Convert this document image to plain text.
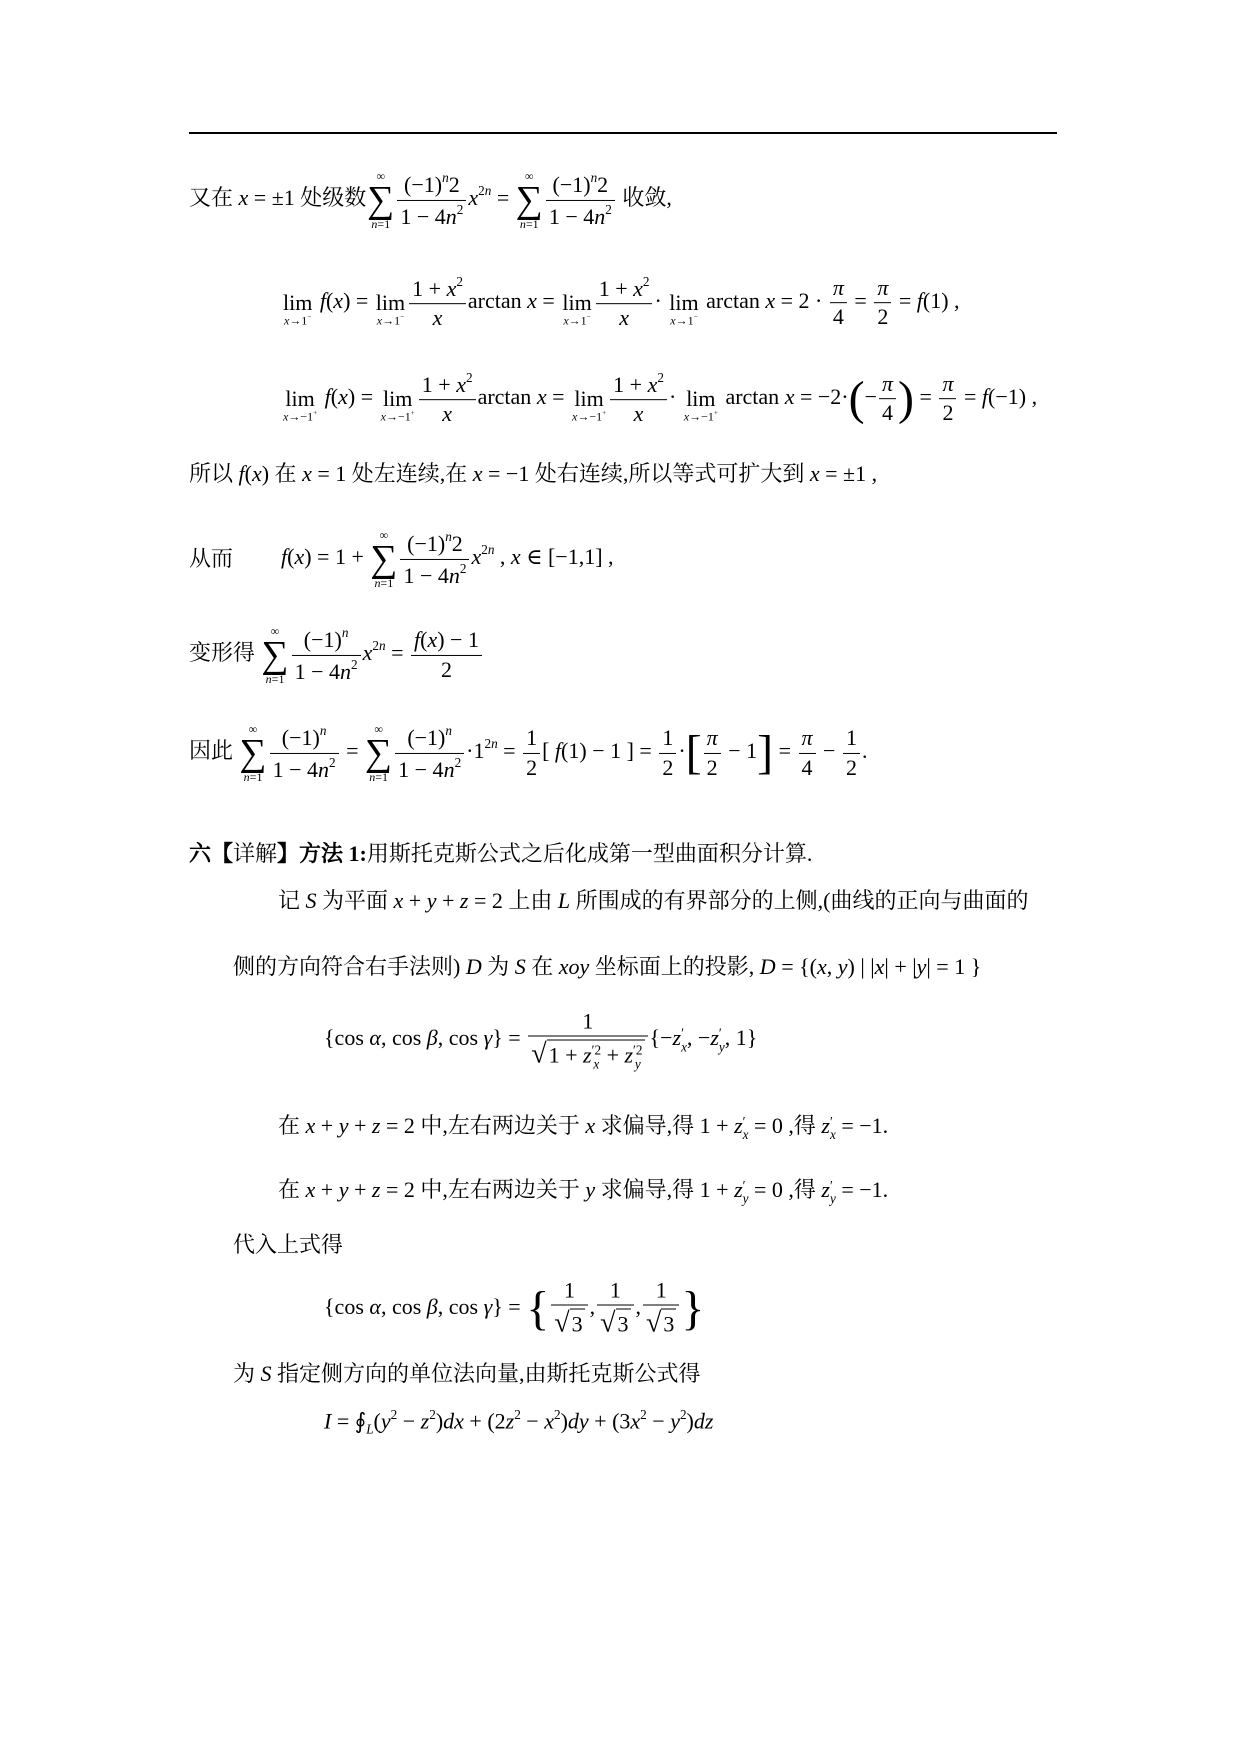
又在 x = ±1 处级数
∞
∑
$n=1 \frac{(-1)^n2}{1 - 4n^2} x^{2n}$ =
∞
∑
$n=1 \frac{(-1)^n2}{1 - 4n^2}$ 收敛,
lim
x→1−
f(x) = lim
$x\to 1^- \frac{1 + x^2}{x}$ arctan x = lim
$x\to 1^- \frac{1 + x^2}{x} \cdot \lim$
x→1−
$\arctan x = 2 \cdot \frac{\pi}{4} = \frac{\pi}{2} = f(1)$ ,
lim
x→−1+
f(x) = lim
$x\to-1^+ \frac{1 + x^2}{x}$ arctan x = lim
$x\to-1^+ \frac{1 + x^2}{x} \cdot \lim$
x→−1+
$\arctan x = -2\cdot(- \frac{\pi}{4}$ ) = $\frac{\pi}{2} = f(-1)$ ,
所以 f(x) 在 x = 1 处左连续,在 x = −1 处右连续,所以等式可扩大到 x = ±1 ,
从而 f(x) = 1 +
∞
∑
$n=1 \frac{(-1)^n2}{1 - 4n^2} x^{2n}$ , x ∈ [−1,1] ,
变形得
∞
∑
$n=1 \frac{(-1)^n}{1 - 4n^2} x^{2n} = \frac{f(x) - 1}{2}$
因此
∞
∑
$n=1 \frac{(-1)^n}{1 - 4n^2}$ =
∞
∑
$n=1 \frac{(-1)^n}{1 - 4n^2} \cdot 1^{2n} = \frac{1}{2}$ [ f(1) − 1 ] = $\frac{1}{2}$ ·[ $\frac{\pi}{2} - 1] = \frac{\pi}{4} - \frac{1}{2}$ .
六【详解】方法 1:用斯托克斯公式之后化成第一型曲面积分计算.
记 S 为平面 x + y + z = 2 上由 L 所围成的有界部分的上侧,(曲线的正向与曲面的
侧的方向符合右手法则) D 为 S 在 xoy 坐标面上的投影, D = {(x, y) | |x| + |y| = 1 }
{cos α, cos β, cos γ} = 1
√1 + z ′2
x + z ′2
y {−z ′
x , −z ′
y , 1}
在 x + y + z = 2 中,左右两边关于 x 求偏导,得 1 + z ′
x = 0 ,得 z ′
x = −1.
在 x + y + z = 2 中,左右两边关于 y 求偏导,得 1 + z ′
y = 0 ,得 z ′
y = −1.
代入上式得
{cos α, cos β, cos γ} = { $\frac{1}{√3}$ , $\frac{1}{√3}$ , $\frac{1}{√3}$ }
为 S 指定侧方向的单位法向量,由斯托克斯公式得
$I = ∮_L(y^2 - z^2)dx + (2z^2 - x^2)dy + (3x^2 - y^2)dz$
